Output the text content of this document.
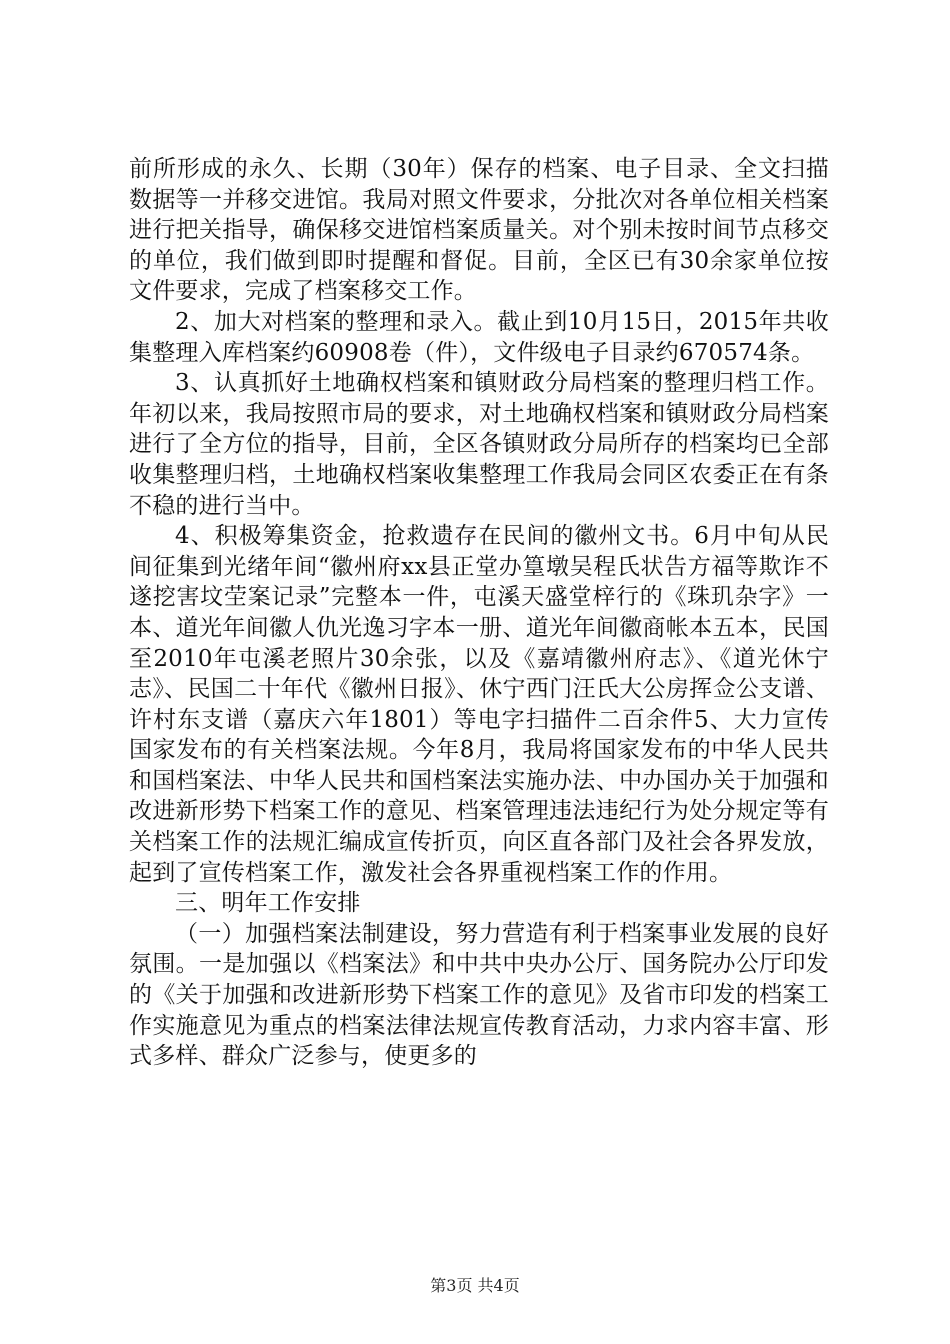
前所形成的永久、长期（30年）保存的档案、电子目录、全文扫描数据等一并移交进馆。我局对照文件要求，分批次对各单位相关档案进行把关指导，确保移交进馆档案质量关。对个别未按时间节点移交的单位，我们做到即时提醒和督促。目前，全区已有30余家单位按文件要求，完成了档案移交工作。

2、加大对档案的整理和录入。截止到10月15日，2015年共收集整理入库档案约60908卷（件），文件级电子目录约670574条。

3、认真抓好土地确权档案和镇财政分局档案的整理归档工作。年初以来，我局按照市局的要求，对土地确权档案和镇财政分局档案进行了全方位的指导，目前，全区各镇财政分局所存的档案均已全部收集整理归档，土地确权档案收集整理工作我局会同区农委正在有条不稳的进行当中。

4、积极筹集资金，抢救遗存在民间的徽州文书。6月中旬从民间征集到光绪年间“徽州府xx县正堂办篁墩吴程氏状告方福等欺诈不遂挖害坟茔案记录”完整本一件，屯溪天盛堂梓行的《珠玑杂字》一本、道光年间徽人仇光逸习字本一册、道光年间徽商帐本五本，民国至2010年屯溪老照片30余张，以及《嘉靖徽州府志》、《道光休宁志》、民国二十年代《徽州日报》、休宁西门汪氏大公房挥佥公支谱、许村东支谱（嘉庆六年1801）等电字扫描件二百余件5、大力宣传国家发布的有关档案法规。今年8月，我局将国家发布的中华人民共和国档案法、中华人民共和国档案法实施办法、中办国办关于加强和改进新形势下档案工作的意见、档案管理违法违纪行为处分规定等有关档案工作的法规汇编成宣传折页，向区直各部门及社会各界发放，起到了宣传档案工作，激发社会各界重视档案工作的作用。

三、明年工作安排

（一）加强档案法制建设，努力营造有利于档案事业发展的良好氛围。一是加强以《档案法》和中共中央办公厅、国务院办公厅印发的《关于加强和改进新形势下档案工作的意见》及省市印发的档案工作实施意见为重点的档案法律法规宣传教育活动，力求内容丰富、形式多样、群众广泛参与，使更多的

第3页 共4页
